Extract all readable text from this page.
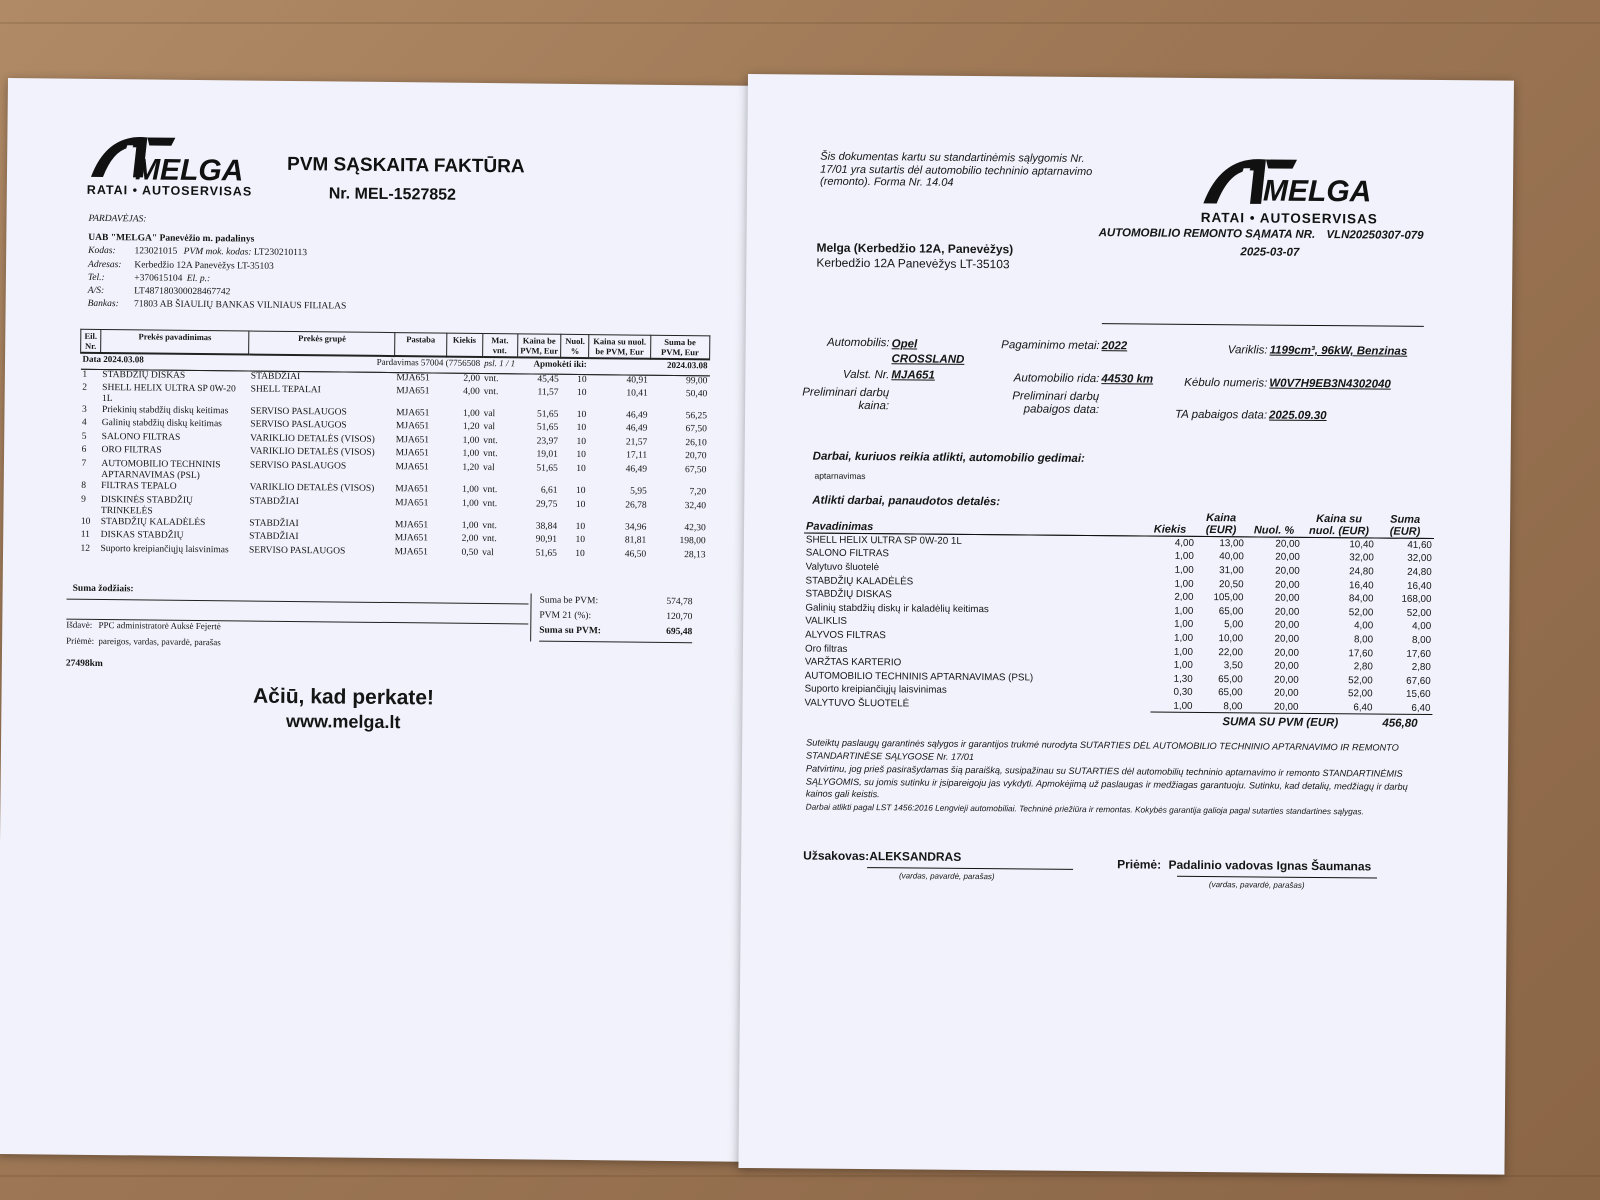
MELGA
RATAI • AUTOSERVISAS
PVM SĄSKAITA FAKTŪRA
Nr. MEL-1527852
PARDAVĖJAS:
UAB "MELGA" Panevėžio m. padalinys
Kodas: 123021015 PVM mok. kodas: LT230210113
Adresas: Kerbedžio 12A Panevėžys LT-35103
Tel.:	+370615104 El. p.:
A/S:	LT487180300028467742
Bankas: 71803 AB ŠIAULIŲ BANKAS VILNIAUS FILIALAS
Data 2024.03.08		Pardavimas 57004 (7756508			psl. 1 / 1	Apmokėti iki:		2024.03.08	
Eil. Nr.	Prekės pavadinimas	Prekės grupė	Pastaba	Kiekis	Mat. vnt.	Kaina be PVM, Eur	Nuol. %	Kaina su nuol. be PVM, Eur	Suma be PVM, Eur
1	STABDŽIŲ DISKAS	STABDŽIAI	MJA651	2,00	vnt.	45,45	10	40,91	99,00
2	SHELL HELIX ULTRA SP 0W-20 1L	SHELL TEPALAI	MJA651	4,00	vnt.	11,57	10	10,41	50,40
3	Priekinių stabdžių diskų keitimas	SERVISO PASLAUGOS	MJA651	1,00	val	51,65	10	46,49	56,25
4	Galinių stabdžių diskų keitimas	SERVISO PASLAUGOS	MJA651	1,20	val	51,65	10	46,49	67,50
5	SALONO FILTRAS	VARIKLIO DETALĖS (VISOS)	MJA651	1,00	vnt.	23,97	10	21,57	26,10
6	ORO FILTRAS	VARIKLIO DETALĖS (VISOS)	MJA651	1,00	vnt.	19,01	10	17,11	20,70
7	AUTOMOBILIO TECHNINIS APTARNAVIMAS (PSL)	SERVISO PASLAUGOS	MJA651	1,20	val	51,65	10	46,49	67,50
8	FILTRAS TEPALO	VARIKLIO DETALĖS (VISOS)	MJA651	1,00	vnt.	6,61	10	5,95	7,20
9	DISKINĖS STABDŽIŲ TRINKELĖS	STABDŽIAI	MJA651	1,00	vnt.	29,75	10	26,78	32,40
10	STABDŽIŲ KALADĖLĖS	STABDŽIAI	MJA651	1,00	vnt.	38,84	10	34,96	42,30
11	DISKAS STABDŽIŲ	STABDŽIAI	MJA651	2,00	vnt.	90,91	10	81,81	198,00
12	Suporto kreipiančiųjų laisvinimas	SERVISO PASLAUGOS	MJA651	0,50	val	51,65	10	46,50	28,13
Suma žodžiais:
Suma be PVM:	574,78
PVM 21 (%):	120,70
Suma su PVM:	695,48
Išdavė: PPC administratorė Auksė Fejertė
Priėmė: pareigos, vardas, pavardė, parašas
27498km
Ačiū, kad perkate!
www.melga.lt
Šis dokumentas kartu su standartinėmis sąlygomis Nr. 17/01 yra sutartis dėl automobilio techninio aptarnavimo (remonto). Forma Nr. 14.04	MELGA
RATAI • AUTOSERVISAS
AUTOMOBILIO REMONTO SĄMATA NR. VLN20250307-079
2025-03-07
Melga (Kerbedžio 12A, Panevėžys)
Kerbedžio 12A Panevėžys LT-35103
Automobilis: Opel CROSSLAND
Pagaminimo metai: 2022	Variklis: 1199cm³, 96kW, Benzinas
Valst. Nr. MJA651	Automobilio rida: 44530 km	Kėbulo numeris: W0V7H9EB3N4302040
Preliminari darbų kaina:
Preliminari darbų pabaigos data:	TA pabaigos data: 2025.09.30
Darbai, kuriuos reikia atlikti, automobilio gedimai:
aptarnavimas
Atlikti darbai, panaudotos detalės:
Pavadinimas	Kiekis	Kaina (EUR)	Nuol. %	Kaina su nuol. (EUR)	Suma (EUR)
SHELL HELIX ULTRA SP 0W-20 1L	4,00	13,00	20,00	10,40	41,60
SALONO FILTRAS	1,00	40,00	20,00	32,00	32,00
Valytuvo šluotelė	1,00	31,00	20,00	24,80	24,80
STABDŽIŲ KALADĖLĖS	1,00	20,50	20,00	16,40	16,40
STABDŽIŲ DISKAS	2,00	105,00	20,00	84,00	168,00
Galinių stabdžių diskų ir kaladėlių keitimas	1,00	65,00	20,00	52,00	52,00
VALIKLIS	1,00	5,00	20,00	4,00	4,00
ALYVOS FILTRAS	1,00	10,00	20,00	8,00	8,00
Oro filtras	1,00	22,00	20,00	17,60	17,60
VARŽTAS KARTERIO	1,00	3,50	20,00	2,80	2,80
AUTOMOBILIO TECHNINIS APTARNAVIMAS (PSL)	1,30	65,00	20,00	52,00	67,60
Suporto kreipiančiųjų laisvinimas	0,30	65,00	20,00	52,00	15,60
VALYTUVO ŠLUOTELĖ	1,00	8,00	20,00	6,40	6,40
SUMA SU PVM (EUR)	456,80
Suteiktų paslaugų garantinės sąlygos ir garantijos trukmė nurodyta SUTARTIES DĖL AUTOMOBILIO TECHNINIO APTARNAVIMO IR REMONTO STANDARTINĖSE SĄLYGOSE Nr. 17/01
Patvirtinu, jog prieš pasirašydamas šią paraišką, susipažinau su SUTARTIES dėl automobilių techninio aptarnavimo ir remonto STANDARTINĖMIS SĄLYGOMIS, su jomis sutinku ir įsipareigoju jas vykdyti. Apmokėjimą už paslaugas ir medžiagas garantuoju. Sutinku, kad detalių, medžiagų ir darbų kainos gali keistis.
Darbai atlikti pagal LST 1456:2016 Lengvieji automobiliai. Techninė priežiūra ir remontas. Kokybės garantija galioja pagal sutarties standartines sąlygas.
Užsakovas:ALEKSANDRAS
(vardas, pavardė, parašas)
Priėmė: Padalinio vadovas Ignas Šaumanas
(vardas, pavardė, parašas)
